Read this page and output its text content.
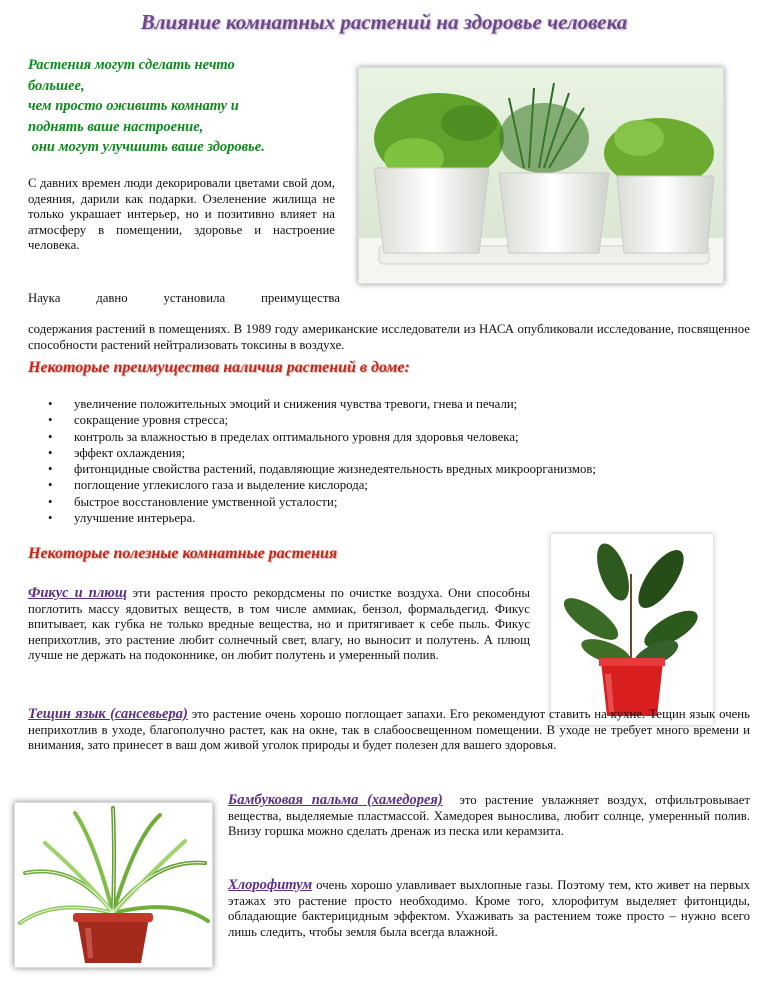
Влияние комнатных растений на здоровье человека
Растения могут сделать нечто
большее,
чем просто оживить комнату и
поднять ваше настроение,
они могут улучшить ваше здоровье.
С давних времен люди декорировали цветами свой дом, одеяния, дарили как подарки. Озеленение жилища не только украшает интерьер, но и позитивно влияет на атмосферу в помещении, здоровье и настроение человека.
Наука давно установила преимущества
содержания растений в помещениях. В 1989 году американские исследователи из НАСА опубликовали исследование, посвященное способности растений нейтрализовать токсины в воздухе.
Некоторые преимущества наличия растений в доме:
• увеличение положительных эмоций и снижения чувства тревоги, гнева и печали;
• сокращение уровня стресса;
• контроль за влажностью в пределах оптимального уровня для здоровья человека;
• эффект охлаждения;
• фитонцидные свойства растений, подавляющие жизнедеятельность вредных микроорганизмов;
• поглощение углекислого газа и выделение кислорода;
• быстрое восстановление умственной усталости;
• улучшение интерьера.
Некоторые полезные комнатные растения
Фикус и плющ эти растения просто рекордсмены по очистке воздуха. Они способны поглотить массу ядовитых веществ, в том числе аммиак, бензол, формальдегид. Фикус впитывает, как губка не только вредные вещества, но и притягивает к себе пыль. Фикус неприхотлив, это растение любит солнечный свет, влагу, но выносит и полутень. А плющ лучше не держать на подоконнике, он любит полутень и умеренный полив.
Тещин язык (сансевьера) это растение очень хорошо поглощает запахи. Его рекомендуют ставить на кухне. Тещин язык очень неприхотлив в уходе, благополучно растет, как на окне, так в слабоосвещенном помещении. В уходе не требует много времени и внимания, зато принесет в ваш дом живой уголок природы и будет полезен для вашего здоровья.
Бамбуковая пальма (хамедорея)  это растение увлажняет воздух, отфильтровывает вещества, выделяемые пластмассой. Хамедорея вынослива, любит солнце, умеренный полив. Внизу горшка можно сделать дренаж из песка или керамзита.
Хлорофитум очень хорошо улавливает выхлопные газы. Поэтому тем, кто живет на первых этажах это растение просто необходимо. Кроме того, хлорофитум выделяет фитонциды, обладающие бактерицидным эффектом. Ухаживать за растением тоже просто – нужно всего лишь следить, чтобы земля была всегда влажной.
